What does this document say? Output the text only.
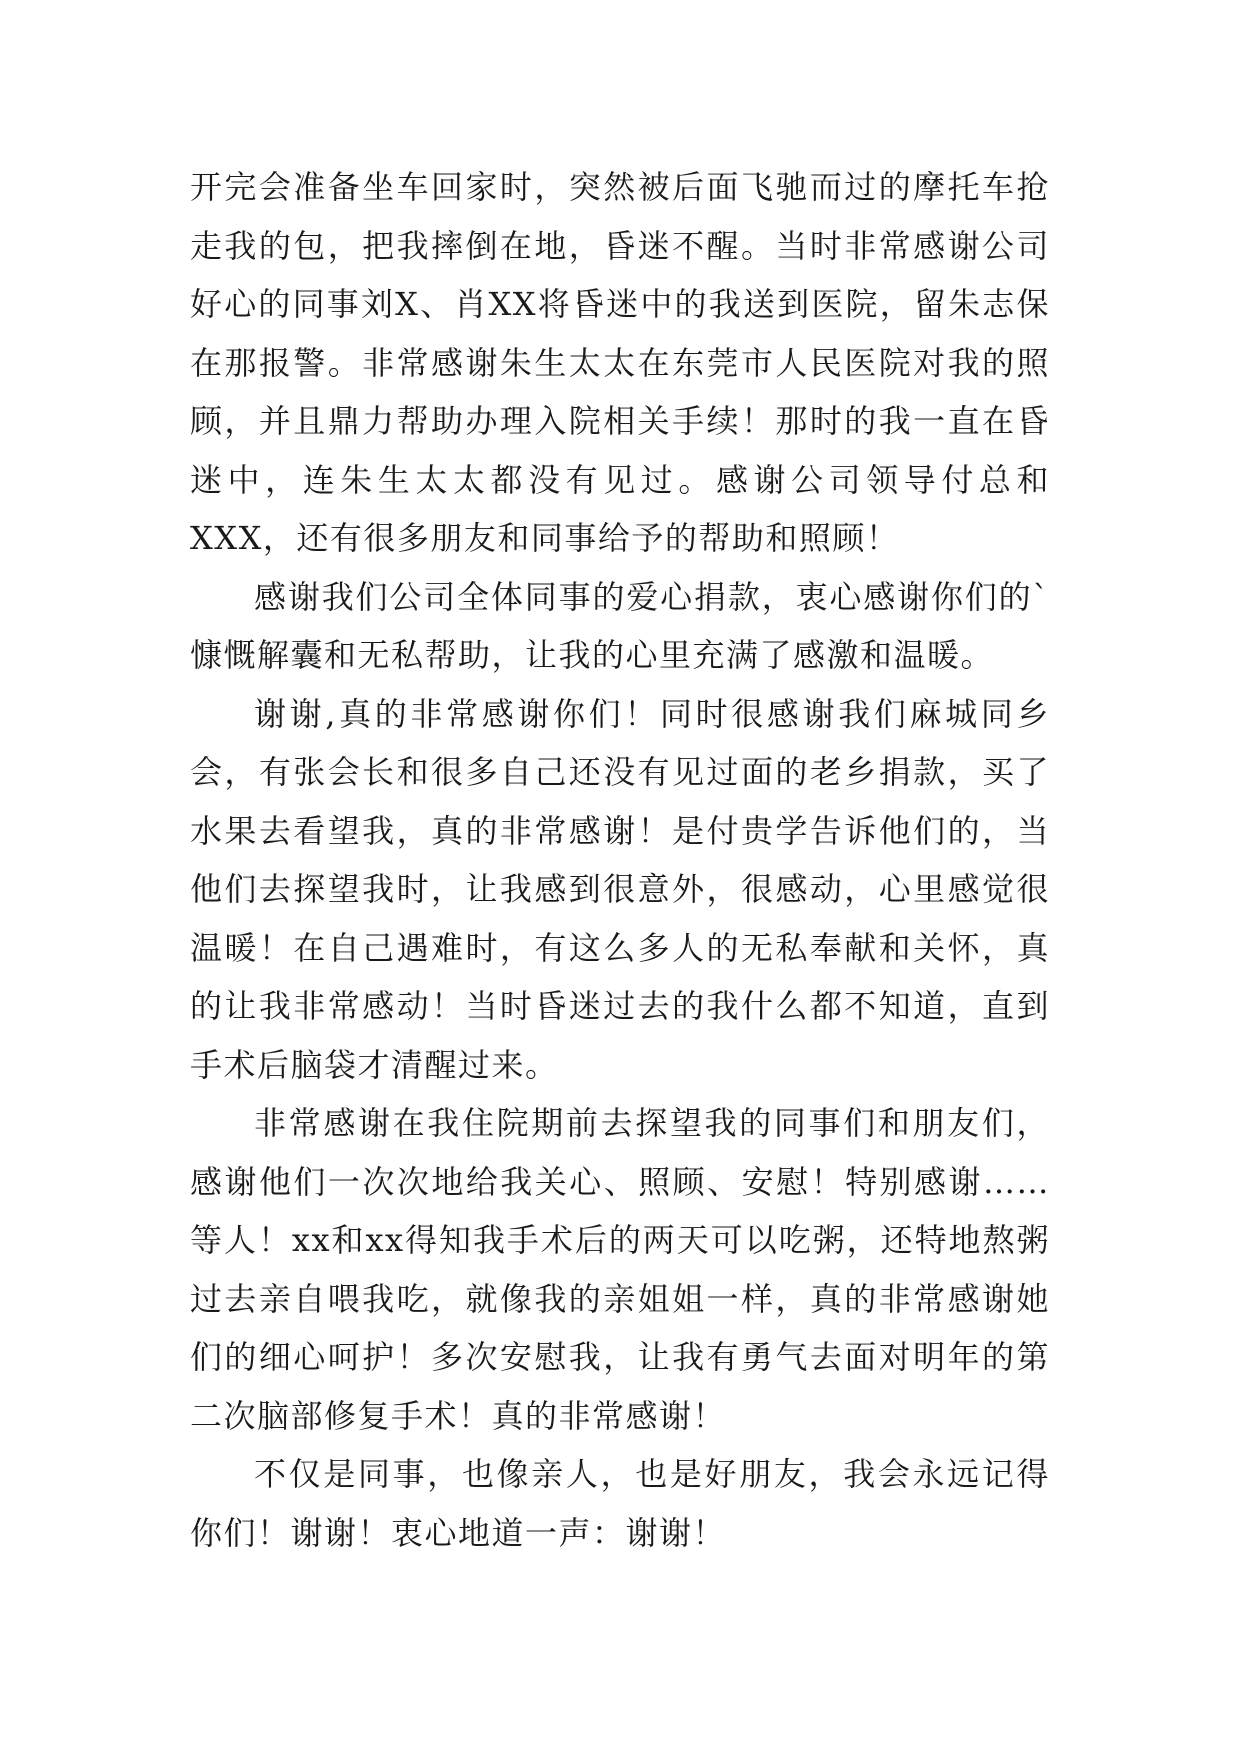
开完会准备坐车回家时，突然被后面飞驰而过的摩托车抢走我的包，把我摔倒在地，昏迷不醒。当时非常感谢公司好心的同事刘X、肖XX将昏迷中的我送到医院，留朱志保在那报警。非常感谢朱生太太在东莞市人民医院对我的照顾，并且鼎力帮助办理入院相关手续！那时的我一直在昏迷中，连朱生太太都没有见过。感谢公司领导付总和XXX，还有很多朋友和同事给予的帮助和照顾！

感谢我们公司全体同事的爱心捐款，衷心感谢你们的`慷慨解囊和无私帮助，让我的心里充满了感激和温暖。

谢谢,真的非常感谢你们！同时很感谢我们麻城同乡会，有张会长和很多自己还没有见过面的老乡捐款，买了水果去看望我，真的非常感谢！是付贵学告诉他们的，当他们去探望我时，让我感到很意外，很感动，心里感觉很温暖！在自己遇难时，有这么多人的无私奉献和关怀，真的让我非常感动！当时昏迷过去的我什么都不知道，直到手术后脑袋才清醒过来。

非常感谢在我住院期前去探望我的同事们和朋友们，感谢他们一次次地给我关心、照顾、安慰！特别感谢……等人！xx和xx得知我手术后的两天可以吃粥，还特地熬粥过去亲自喂我吃，就像我的亲姐姐一样，真的非常感谢她们的细心呵护！多次安慰我，让我有勇气去面对明年的第二次脑部修复手术！真的非常感谢！

不仅是同事，也像亲人，也是好朋友，我会永远记得你们！谢谢！衷心地道一声：谢谢！
